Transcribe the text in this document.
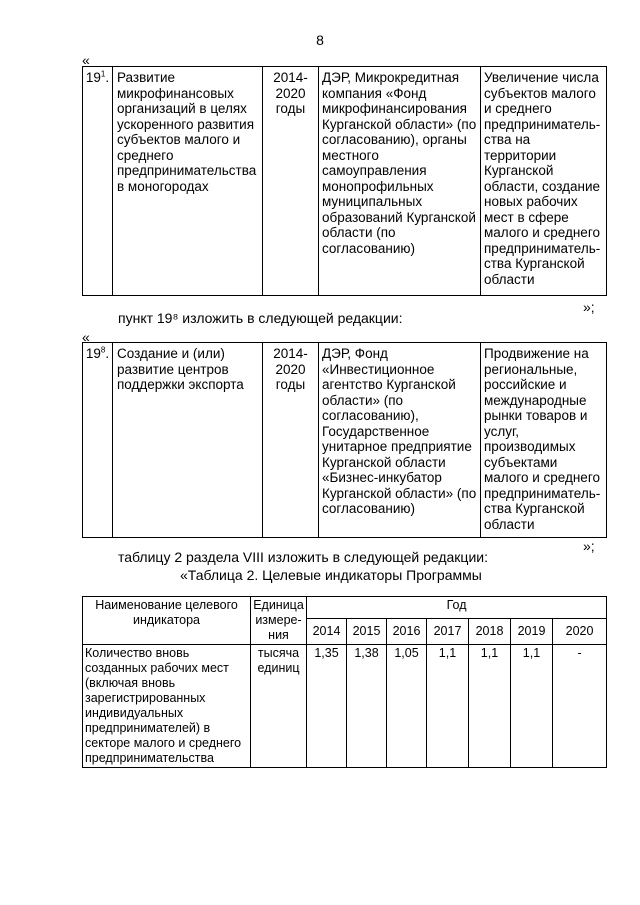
8
«
$19^1$.	Развитие микрофинансовых организаций в целях ускоренного развития субъектов малого и среднего предпринимательства в моногородах	2014-
2020
годы	ДЭР, Микрокредитная компания «Фонд микрофинансирования Курганской области» (по согласованию), органы местного самоуправления монопрофильных муниципальных образований Курганской области (по согласованию)	Увеличение числа субъектов малого и среднего предприниматель-ства на территории Курганской области, создание новых рабочих мест в сфере малого и среднего предприниматель-ства Курганской области
»;
пункт 19⁸ изложить в следующей редакции:
«
$19^8$.	Создание и (или) развитие центров поддержки экспорта	2014-
2020
годы	ДЭР, Фонд «Инвестиционное агентство Курганской области» (по согласованию), Государственное унитарное предприятие Курганской области «Бизнес-инкубатор Курганской области» (по согласованию)	Продвижение на региональные, российские и международные рынки товаров и услуг, производимых субъектами малого и среднего предприниматель-ства Курганской области
»;
таблицу 2 раздела VIII изложить в следующей редакции:
«Таблица 2. Целевые индикаторы Программы
Наименование целевого индикатора	Единица измере-ния	Год						
		2014	2015	2016	2017	2018	2019	2020
Количество вновь созданных рабочих мест (включая вновь зарегистрированных индивидуальных предпринимателей) в секторе малого и среднего предпринимательства	тысяча единиц	1,35	1,38	1,05	1,1	1,1	1,1	-
